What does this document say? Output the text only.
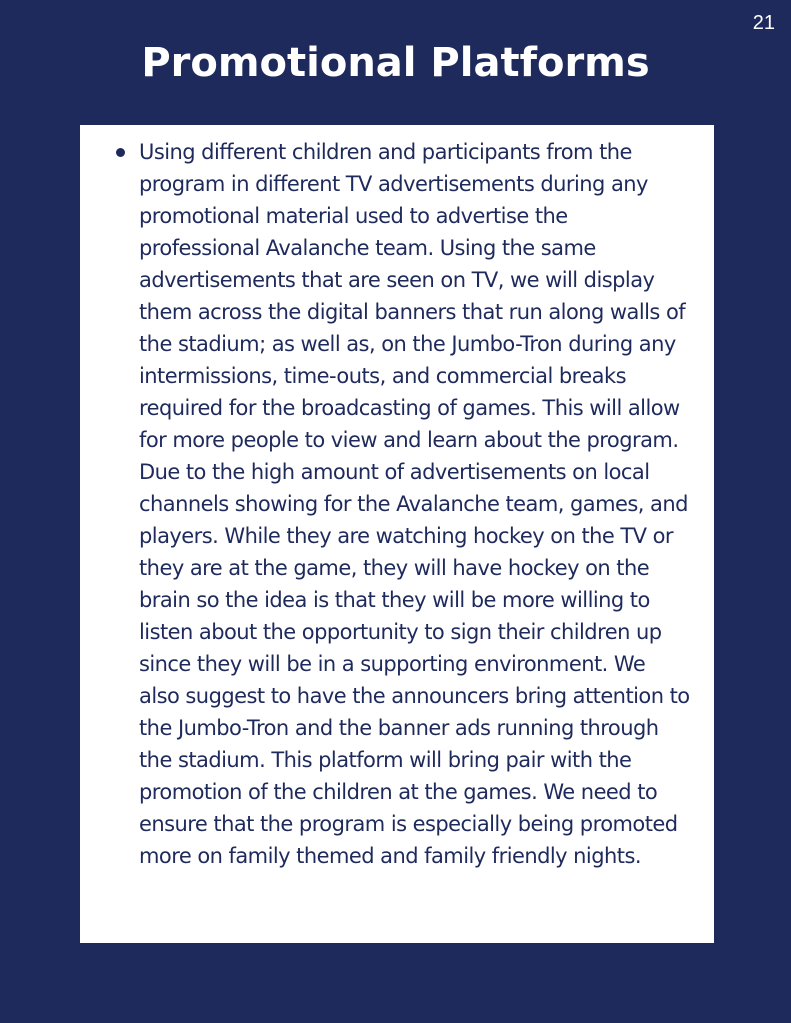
21
Promotional Platforms
Using different children and participants from the program in different TV advertisements during any promotional material used to advertise the professional Avalanche team. Using the same advertisements that are seen on TV, we will display them across the digital banners that run along walls of the stadium; as well as, on the Jumbo-Tron during any intermissions, time-outs, and commercial breaks required for the broadcasting of games. This will allow for more people to view and learn about the program. Due to the high amount of advertisements on local channels showing for the Avalanche team, games, and players. While they are watching hockey on the TV or they are at the game, they will have hockey on the brain so the idea is that they will be more willing to listen about the opportunity to sign their children up since they will be in a supporting environment. We also suggest to have the announcers bring attention to the Jumbo-Tron and the banner ads running through the stadium. This platform will bring pair with the promotion of the children at the games. We need to ensure that the program is especially being promoted more on family themed and family friendly nights.
